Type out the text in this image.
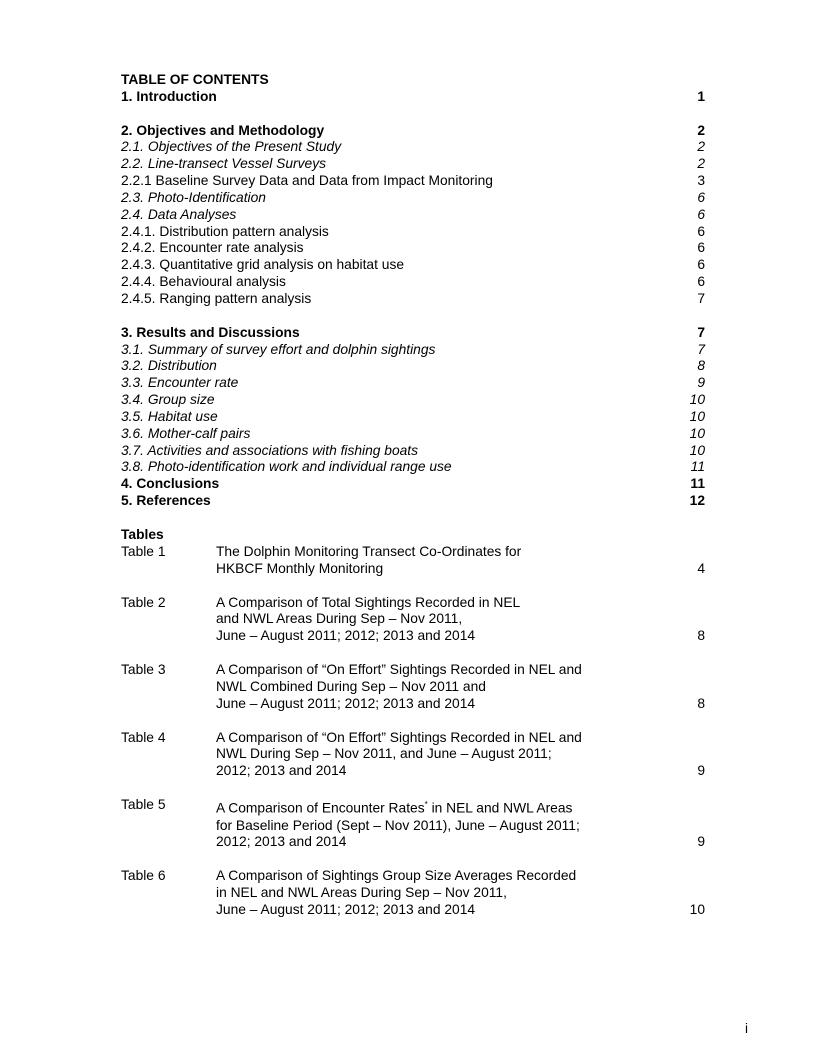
TABLE OF CONTENTS
1. Introduction	1
2. Objectives and Methodology	2
2.1. Objectives of the Present Study	2
2.2. Line-transect Vessel Surveys	2
2.2.1 Baseline Survey Data and Data from Impact Monitoring	3
2.3. Photo-Identification	6
2.4. Data Analyses	6
2.4.1. Distribution pattern analysis	6
2.4.2. Encounter rate analysis	6
2.4.3. Quantitative grid analysis on habitat use	6
2.4.4. Behavioural analysis	6
2.4.5. Ranging pattern analysis	7
3. Results and Discussions	7
3.1. Summary of survey effort and dolphin sightings	7
3.2. Distribution	8
3.3. Encounter rate	9
3.4. Group size	10
3.5. Habitat use	10
3.6. Mother-calf pairs	10
3.7. Activities and associations with fishing boats	10
3.8. Photo-identification work and individual range use	11
4. Conclusions	11
5. References	12
Tables
Table 1	The Dolphin Monitoring Transect Co-Ordinates for
HKBCF Monthly Monitoring	4
Table 2	A Comparison of Total Sightings Recorded in NEL
and NWL Areas During Sep – Nov 2011,
June – August 2011; 2012; 2013 and 2014	8
Table 3	A Comparison of “On Effort” Sightings Recorded in NEL and
NWL Combined During Sep – Nov 2011 and
June – August 2011; 2012; 2013 and 2014	8
Table 4	A Comparison of “On Effort” Sightings Recorded in NEL and
NWL During Sep – Nov 2011, and June – August 2011;
2012; 2013 and 2014	9
Table 5	A Comparison of Encounter Rates* in NEL and NWL Areas
for Baseline Period (Sept – Nov 2011), June – August 2011;
2012; 2013 and 2014	9
Table 6	A Comparison of Sightings Group Size Averages Recorded
in NEL and NWL Areas During Sep – Nov 2011,
June – August 2011; 2012; 2013 and 2014	10
i
